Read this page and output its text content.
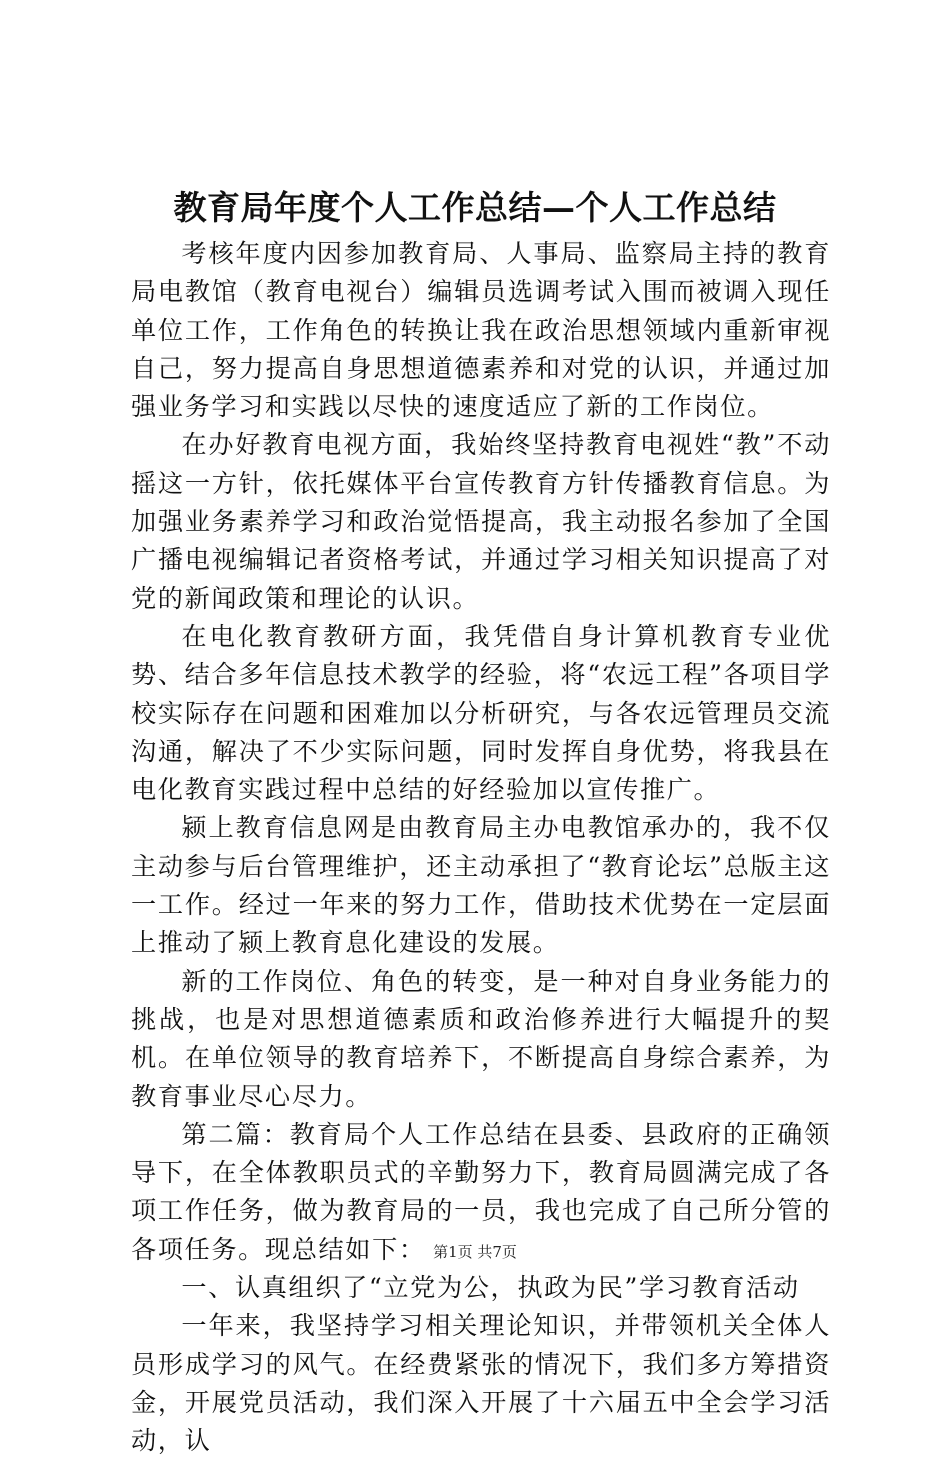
教育局年度个人工作总结—个人工作总结

考核年度内因参加教育局、人事局、监察局主持的教育局电教馆（教育电视台）编辑员选调考试入围而被调入现任单位工作，工作角色的转换让我在政治思想领域内重新审视自己，努力提高自身思想道德素养和对党的认识，并通过加强业务学习和实践以尽快的速度适应了新的工作岗位。

在办好教育电视方面，我始终坚持教育电视姓“教”不动摇这一方针，依托媒体平台宣传教育方针传播教育信息。为加强业务素养学习和政治觉悟提高，我主动报名参加了全国广播电视编辑记者资格考试，并通过学习相关知识提高了对党的新闻政策和理论的认识。

在电化教育教研方面，我凭借自身计算机教育专业优势、结合多年信息技术教学的经验，将“农远工程”各项目学校实际存在问题和困难加以分析研究，与各农远管理员交流沟通，解决了不少实际问题，同时发挥自身优势，将我县在电化教育实践过程中总结的好经验加以宣传推广。

颍上教育信息网是由教育局主办电教馆承办的，我不仅主动参与后台管理维护，还主动承担了“教育论坛”总版主这一工作。经过一年来的努力工作，借助技术优势在一定层面上推动了颍上教育息化建设的发展。

新的工作岗位、角色的转变，是一种对自身业务能力的挑战，也是对思想道德素质和政治修养进行大幅提升的契机。在单位领导的教育培养下，不断提高自身综合素养，为教育事业尽心尽力。

第二篇：教育局个人工作总结在县委、县政府的正确领导下，在全体教职员式的辛勤努力下，教育局圆满完成了各项工作任务，做为教育局的一员，我也完成了自己所分管的各项任务。现总结如下：

一、认真组织了“立党为公，执政为民”学习教育活动

一年来，我坚持学习相关理论知识，并带领机关全体人员形成学习的风气。在经费紧张的情况下，我们多方筹措资金，开展党员活动，我们深入开展了十六届五中全会学习活动，认

第1页 共7页
